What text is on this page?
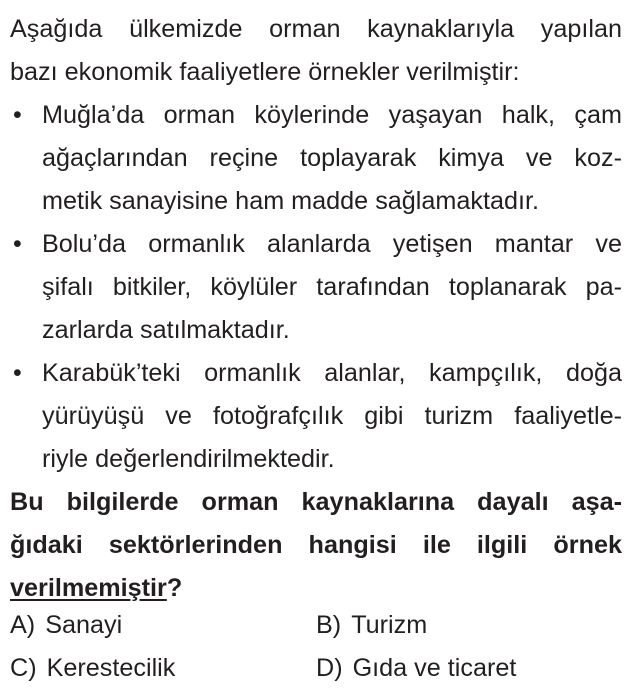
Aşağıda ülkemizde orman kaynaklarıyla yapılan
bazı ekonomik faaliyetlere örnekler verilmiştir:
• Muğla’da orman köylerinde yaşayan halk, çam
ağaçlarından reçine toplayarak kimya ve koz-
metik sanayisine ham madde sağlamaktadır.
• Bolu’da ormanlık alanlarda yetişen mantar ve
şifalı bitkiler, köylüler tarafından toplanarak pa-
zarlarda satılmaktadır.
• Karabük’teki ormanlık alanlar, kampçılık, doğa
yürüyüşü ve fotoğrafçılık gibi turizm faaliyetle-
riyle değerlendirilmektedir.
Bu bilgilerde orman kaynaklarına dayalı aşa-
ğıdaki sektörlerinden hangisi ile ilgili örnek
verilmemiştir?
A) Sanayi	B) Turizm
C) Kerestecilik	D) Gıda ve ticaret
